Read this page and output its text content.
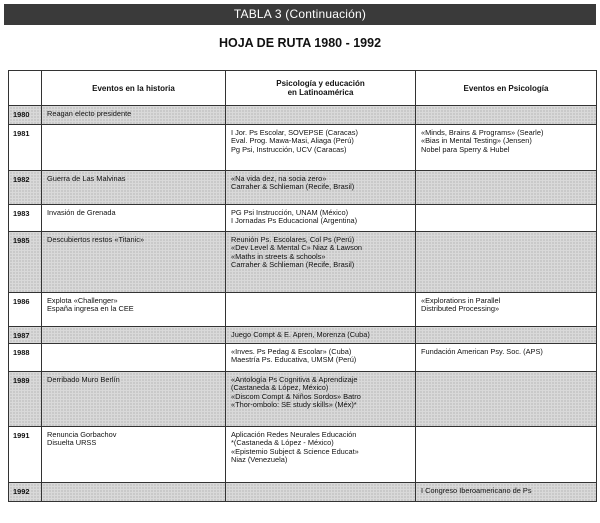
TABLA 3 (Continuación)
HOJA DE RUTA 1980 - 1992
	Eventos en la historia	Psicología y educación
en Latinoamérica	Eventos en Psicología
1980	Reagan electo presidente		

1981		I Jor. Ps Escolar, SOVEPSE (Caracas)
Eval. Prog. Mawa-Masi, Aliaga (Perú)
Pg Psi, Instrucción, UCV (Caracas)	«Minds, Brains & Programs» (Searle)
«Bias in Mental Testing» (Jensen)
Nobel para Sperry & Hubel

1982	Guerra de Las Malvinas	«Na vida dez, na socia zero»
Carraher & Schlieman (Recife, Brasil)	

1983	Invasión de Grenada	PG Psi Instrucción, UNAM (México)
I Jornadas Ps Educacional (Argentina)	

1985	Descubiertos restos «Titanic»	Reunión Ps. Escolares, Col Ps (Perú)
«Dev Level & Mental C» Niaz & Lawson
«Maths in streets & schools»
Carraher & Schlieman (Recife, Brasil)	

1986	Explota «Challenger»
España ingresa en la CEE		«Explorations in Parallel
Distributed Processing»

1987		Juego Compt & E. Apren, Morenza (Cuba)	

1988		«Inves. Ps Pedag & Escolar» (Cuba)
Maestría Ps. Educativa, UMSM (Perú)	Fundación American Psy. Soc. (APS)

1989	Derribado Muro Berlín	«Antología Ps Cognitiva & Aprendizaje
(Castaneda & López, México)
«Discom Compt & Niños Sordos» Batro
«Thor-ombolo: SE study skills» (Méx)*	

1991	Renuncia Gorbachov
Disuelta URSS	Aplicación Redes Neurales Educación
*(Castaneda & López - México)
«Epistemio Subject & Science Educat»
Niaz (Venezuela)	

1992			I Congreso Iberoamericano de Ps
